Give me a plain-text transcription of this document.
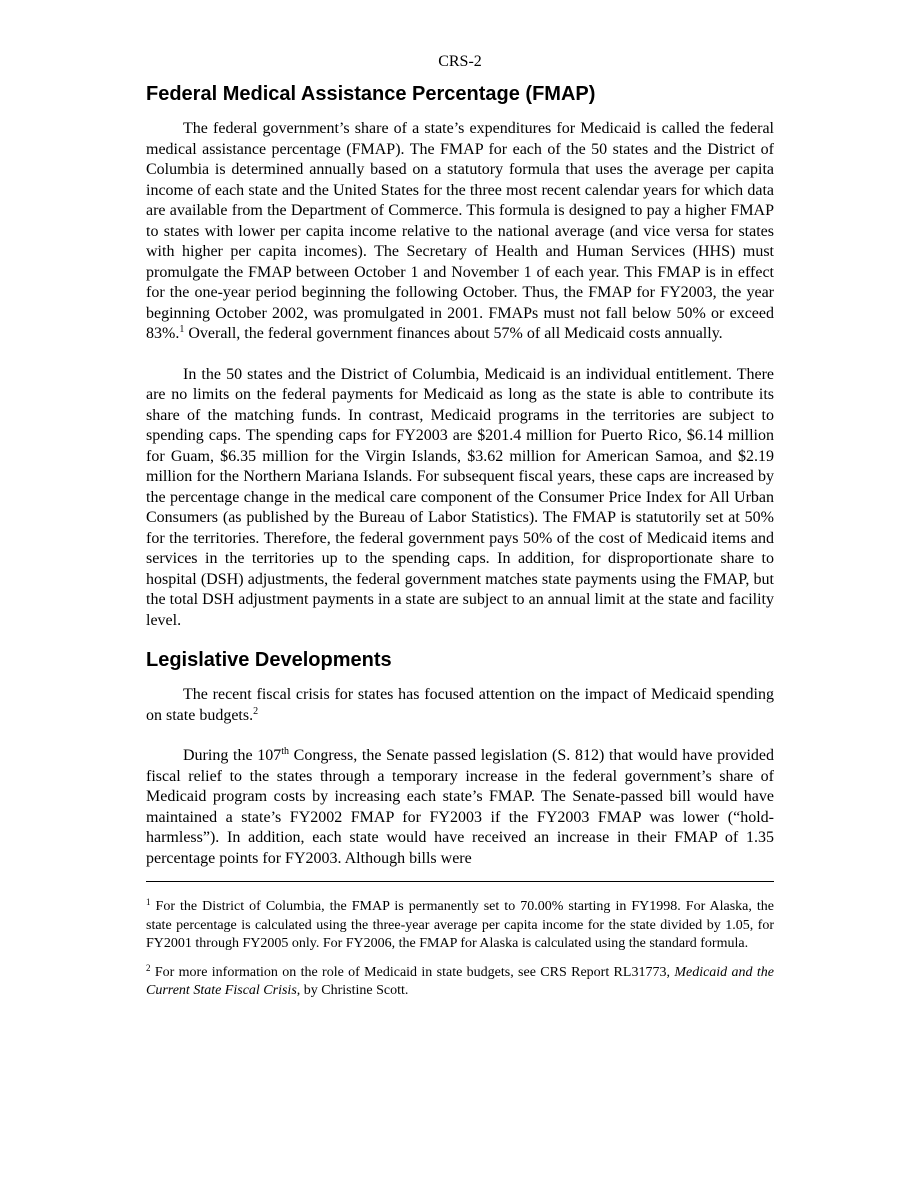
CRS-2
Federal Medical Assistance Percentage (FMAP)

The federal government’s share of a state’s expenditures for Medicaid is called the federal medical assistance percentage (FMAP). The FMAP for each of the 50 states and the District of Columbia is determined annually based on a statutory formula that uses the average per capita income of each state and the United States for the three most recent calendar years for which data are available from the Department of Commerce. This formula is designed to pay a higher FMAP to states with lower per capita income relative to the national average (and vice versa for states with higher per capita incomes). The Secretary of Health and Human Services (HHS) must promulgate the FMAP between October 1 and November 1 of each year. This FMAP is in effect for the one-year period beginning the following October. Thus, the FMAP for FY2003, the year beginning October 2002, was promulgated in 2001. FMAPs must not fall below 50% or exceed 83%.$^1$ Overall, the federal government finances about 57% of all Medicaid costs annually.

In the 50 states and the District of Columbia, Medicaid is an individual entitlement. There are no limits on the federal payments for Medicaid as long as the state is able to contribute its share of the matching funds. In contrast, Medicaid programs in the territories are subject to spending caps. The spending caps for FY2003 are $201.4 million for Puerto Rico, $6.14 million for Guam, $6.35 million for the Virgin Islands, $3.62 million for American Samoa, and $2.19 million for the Northern Mariana Islands. For subsequent fiscal years, these caps are increased by the percentage change in the medical care component of the Consumer Price Index for All Urban Consumers (as published by the Bureau of Labor Statistics). The FMAP is statutorily set at 50% for the territories. Therefore, the federal government pays 50% of the cost of Medicaid items and services in the territories up to the spending caps. In addition, for disproportionate share to hospital (DSH) adjustments, the federal government matches state payments using the FMAP, but the total DSH adjustment payments in a state are subject to an annual limit at the state and facility level.

Legislative Developments

The recent fiscal crisis for states has focused attention on the impact of Medicaid spending on state budgets.$^2$

During the 107th Congress, the Senate passed legislation (S. 812) that would have provided fiscal relief to the states through a temporary increase in the federal government’s share of Medicaid program costs by increasing each state’s FMAP. The Senate-passed bill would have maintained a state’s FY2002 FMAP for FY2003 if the FY2003 FMAP was lower (“hold-harmless”). In addition, each state would have received an increase in their FMAP of 1.35 percentage points for FY2003. Although bills were

$^1$ For the District of Columbia, the FMAP is permanently set to 70.00% starting in FY1998. For Alaska, the state percentage is calculated using the three-year average per capita income for the state divided by 1.05, for FY2001 through FY2005 only. For FY2006, the FMAP for Alaska is calculated using the standard formula.

$^2$ For more information on the role of Medicaid in state budgets, see CRS Report RL31773, Medicaid and the Current State Fiscal Crisis, by Christine Scott.
